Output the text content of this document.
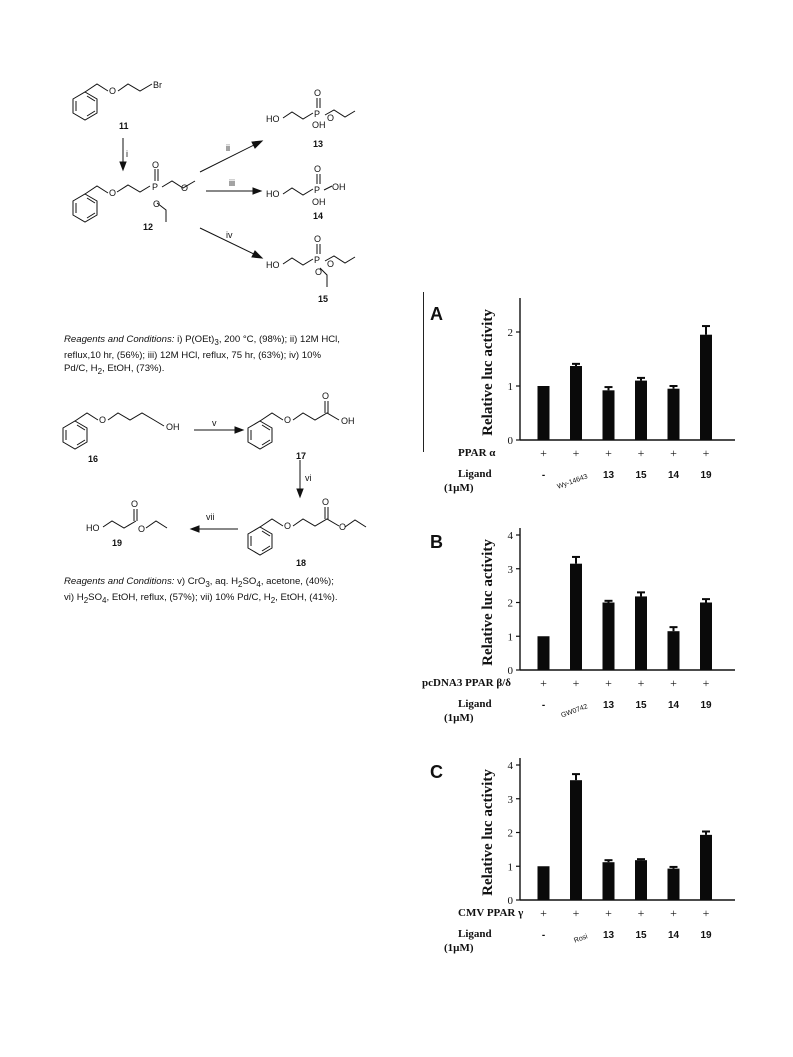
O
Br
11
i
O
P
O
O
O
12
ii
iii
iv
HO	P
O
O
OH
13
HO	P
O
OH
OH
14
HO	P
O
O
O
15
O
OH
16
v	O
O
OH
17
vi
O
O
O
18
vii
HO
O
O
19
Reagents and Conditions: i) $P(OEt)_3$, 200 °C, (98%); ii) 12M HCl,
reflux,10 hr, (56%); iii) 12M HCl, reflux, 75 hr, (63%); iv) 10%
Pd/C, $H_2$, EtOH, (73%).
Reagents and Conditions: v) CrO$_3$, aq. $H_2SO_4$, acetone, (40%);
vi) $H_2SO_4$, EtOH, reflux, (57%); vii) 10% Pd/C, $H_2$, EtOH, (41%).
A
0
1
2
Relative luc activity
PPAR α	+ + + + + +
Ligand
(1µM)
- Wy-14643 13 15 14 19
B
0
1
2
3
4
Relative luc activity
pcDNA3 PPAR β/δ + + + + + +
Ligand
(1µM)
- GW0742 13 15 14 19
C
0
1
2
3
4
Relative luc activity
CMV PPAR γ + + + + + +
Ligand
(1µM)
-	Rosi 13 15 14 19
